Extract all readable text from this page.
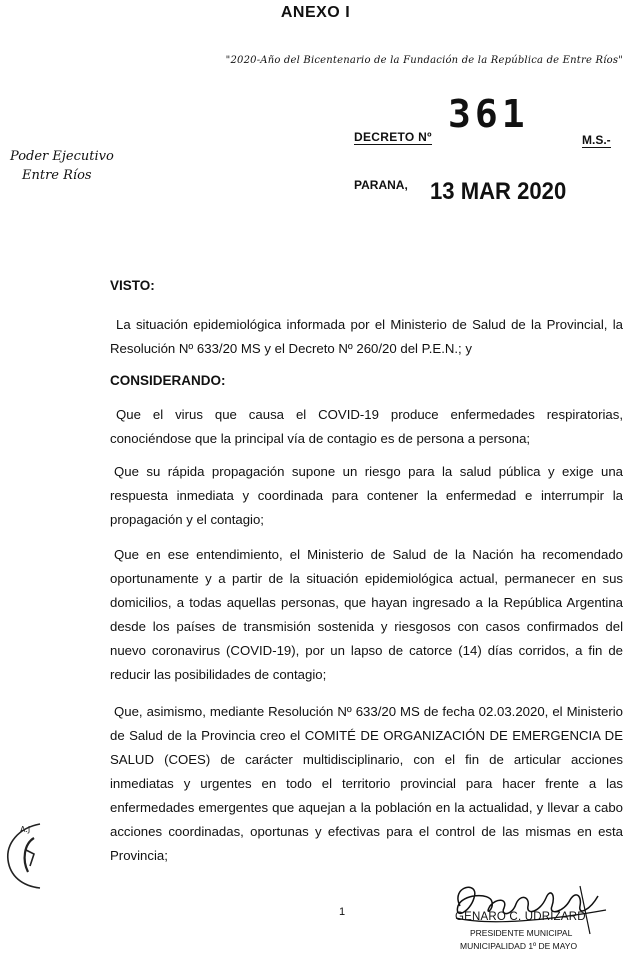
ANEXO I
"2020-Año del Bicentenario de la Fundación de la República de Entre Ríos"
Poder Ejecutivo
Entre Ríos
DECRETO Nº
361
M.S.-
PARANA, 13 MAR 2020
VISTO:

La situación epidemiológica informada por el Ministerio de Salud de la Provincial, la Resolución Nº 633/20 MS y el Decreto Nº 260/20 del P.E.N.; y

CONSIDERANDO:

Que el virus que causa el COVID-19 produce enfermedades respiratorias, conociéndose que la principal vía de contagio es de persona a persona;

Que su rápida propagación supone un riesgo para la salud pública y exige una respuesta inmediata y coordinada para contener la enfermedad e interrumpir la propagación y el contagio;

Que en ese entendimiento, el Ministerio de Salud de la Nación ha recomendado oportunamente y a partir de la situación epidemiológica actual, permanecer en sus domicilios, a todas aquellas personas, que hayan ingresado a la República Argentina desde los países de transmisión sostenida y riesgosos con casos confirmados del nuevo coronavirus (COVID-19), por un lapso de catorce (14) días corridos, a fin de reducir las posibilidades de contagio;

Que, asimismo, mediante Resolución Nº 633/20 MS de fecha 02.03.2020, el Ministerio de Salud de la Provincia creo el COMITÉ DE ORGANIZACIÓN DE EMERGENCIA DE SALUD (COES) de carácter multidisciplinario, con el fin de articular acciones inmediatas y urgentes en todo el territorio provincial para hacer frente a las enfermedades emergentes que aquejan a la población en la actualidad, y llevar a cabo acciones coordinadas, oportunas y efectivas para el control de las mismas en esta Provincia;

1
A.J
GENARO C. UDRIZARD
PRESIDENTE MUNICIPAL
MUNICIPALIDAD 1º DE MAYO
